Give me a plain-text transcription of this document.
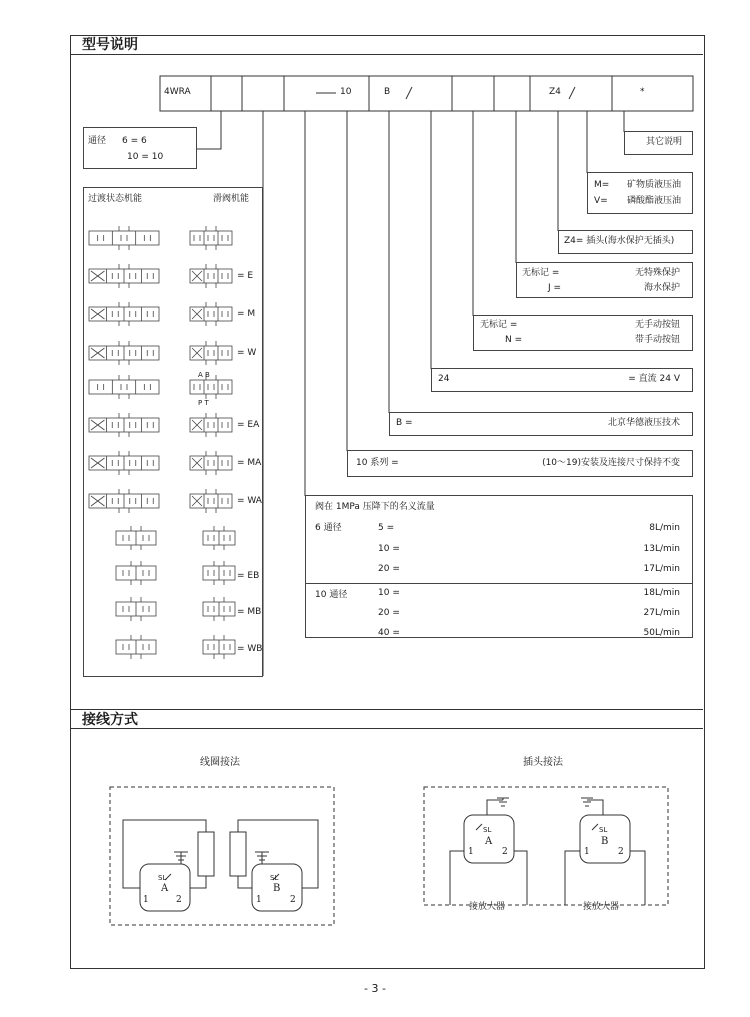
型号说明
接线方式
4WRA	10	B	Z4	*
通径 6 = 6
10 = 10
过渡状态机能	滑阀机能
= E
= M
= W
= EA
= MA
= WA
= EB
= MB
= WB
A B
P T
其它说明
M= 矿物质液压油
V= 磷酸酯液压油
Z4= 插头(海水保护无插头)
无标记 =	无特殊保护
J =	海水保护
无标记 =	无手动按钮
N =	带手动按钮
24	= 直流 24 V
B =	北京华德液压技术
10 系列 =	(10～19)安装及连接尺寸保持不变
阀在 1MPa 压降下的名义流量
6 通径	5 =	8L/min
10 =	13L/min
20 =	17L/min
10 通径	10 =	18L/min
20 =	27L/min
40 =	50L/min
线圈接法	插头接法
SL
A
1	2
SL
B
1	2
SL
A
1	2
SL
B
1	2
接放大器	接放大器
- 3 -
